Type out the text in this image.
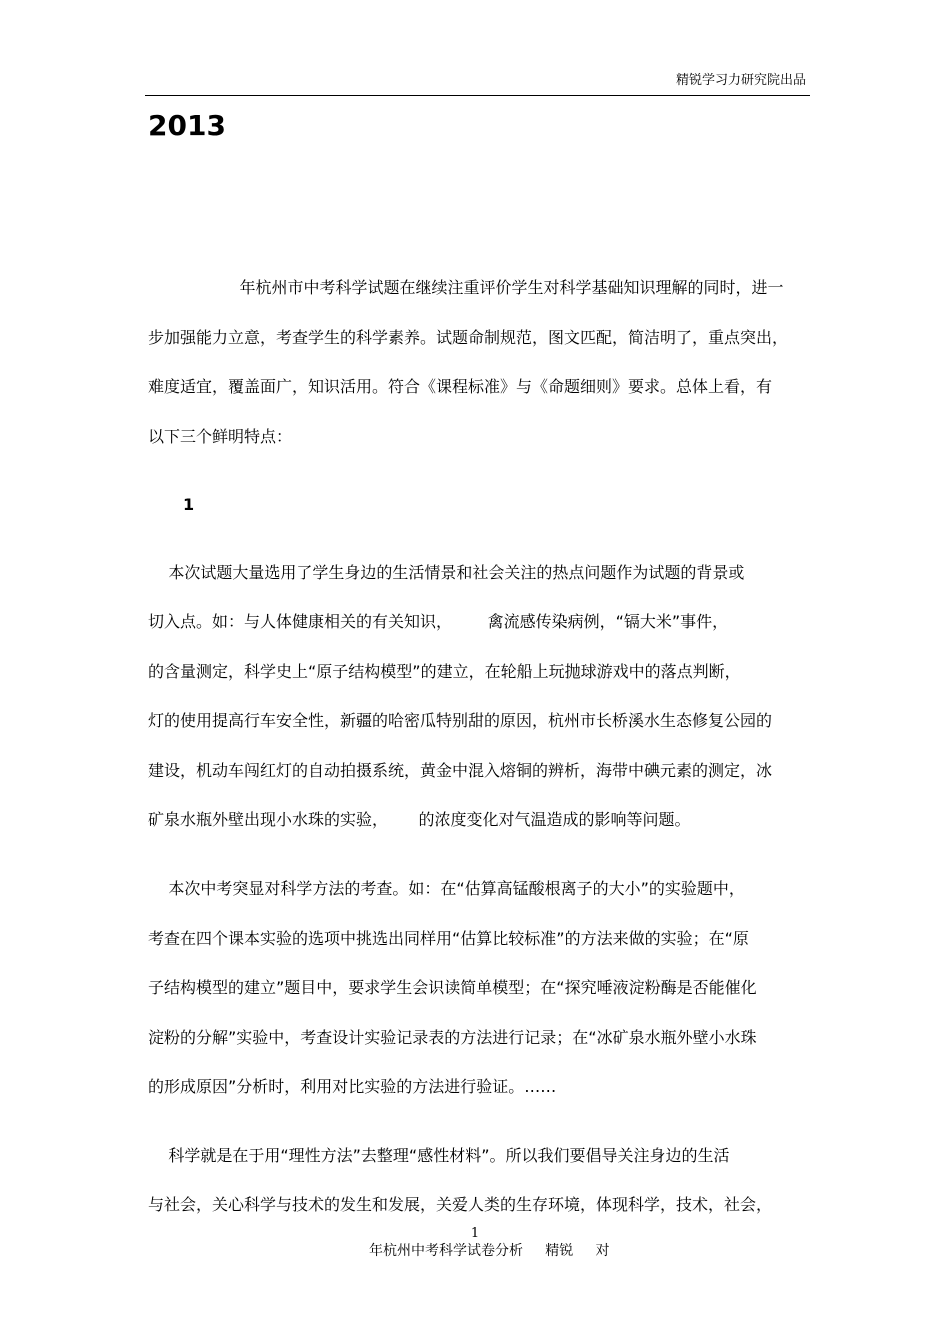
精锐学习力研究院出品
2013
年杭州市中考科学试题在继续注重评价学生对科学基础知识理解的同时，进一
步加强能力立意，考查学生的科学素养。试题命制规范，图文匹配，简洁明了，重点突出，
难度适宜，覆盖面广，知识活用。符合《课程标准》与《命题细则》要求。总体上看，有
以下三个鲜明特点：
1
本次试题大量选用了学生身边的生活情景和社会关注的热点问题作为试题的背景或
切入点。如：与人体健康相关的有关知识，       禽流感传染病例，“镉大米”事件，
的含量测定，科学史上“原子结构模型”的建立，在轮船上玩抛球游戏中的落点判断，
灯的使用提高行车安全性，新疆的哈密瓜特别甜的原因，杭州市长桥溪水生态修复公园的
建设，机动车闯红灯的自动拍摄系统，黄金中混入熔铜的辨析，海带中碘元素的测定，冰
矿泉水瓶外壁出现小水珠的实验，      的浓度变化对气温造成的影响等问题。
本次中考突显对科学方法的考查。如：在“估算高锰酸根离子的大小”的实验题中，
考查在四个课本实验的选项中挑选出同样用“估算比较标准”的方法来做的实验；在“原
子结构模型的建立”题目中，要求学生会识读简单模型；在“探究唾液淀粉酶是否能催化
淀粉的分解”实验中，考查设计实验记录表的方法进行记录；在“冰矿泉水瓶外壁小水珠
的形成原因”分析时，利用对比实验的方法进行验证。……
科学就是在于用“理性方法”去整理“感性材料”。所以我们要倡导关注身边的生活
与社会，关心科学与技术的发生和发展，关爱人类的生存环境，体现科学，技术，社会，
1
年杭州中考科学试卷分析     精锐     对
